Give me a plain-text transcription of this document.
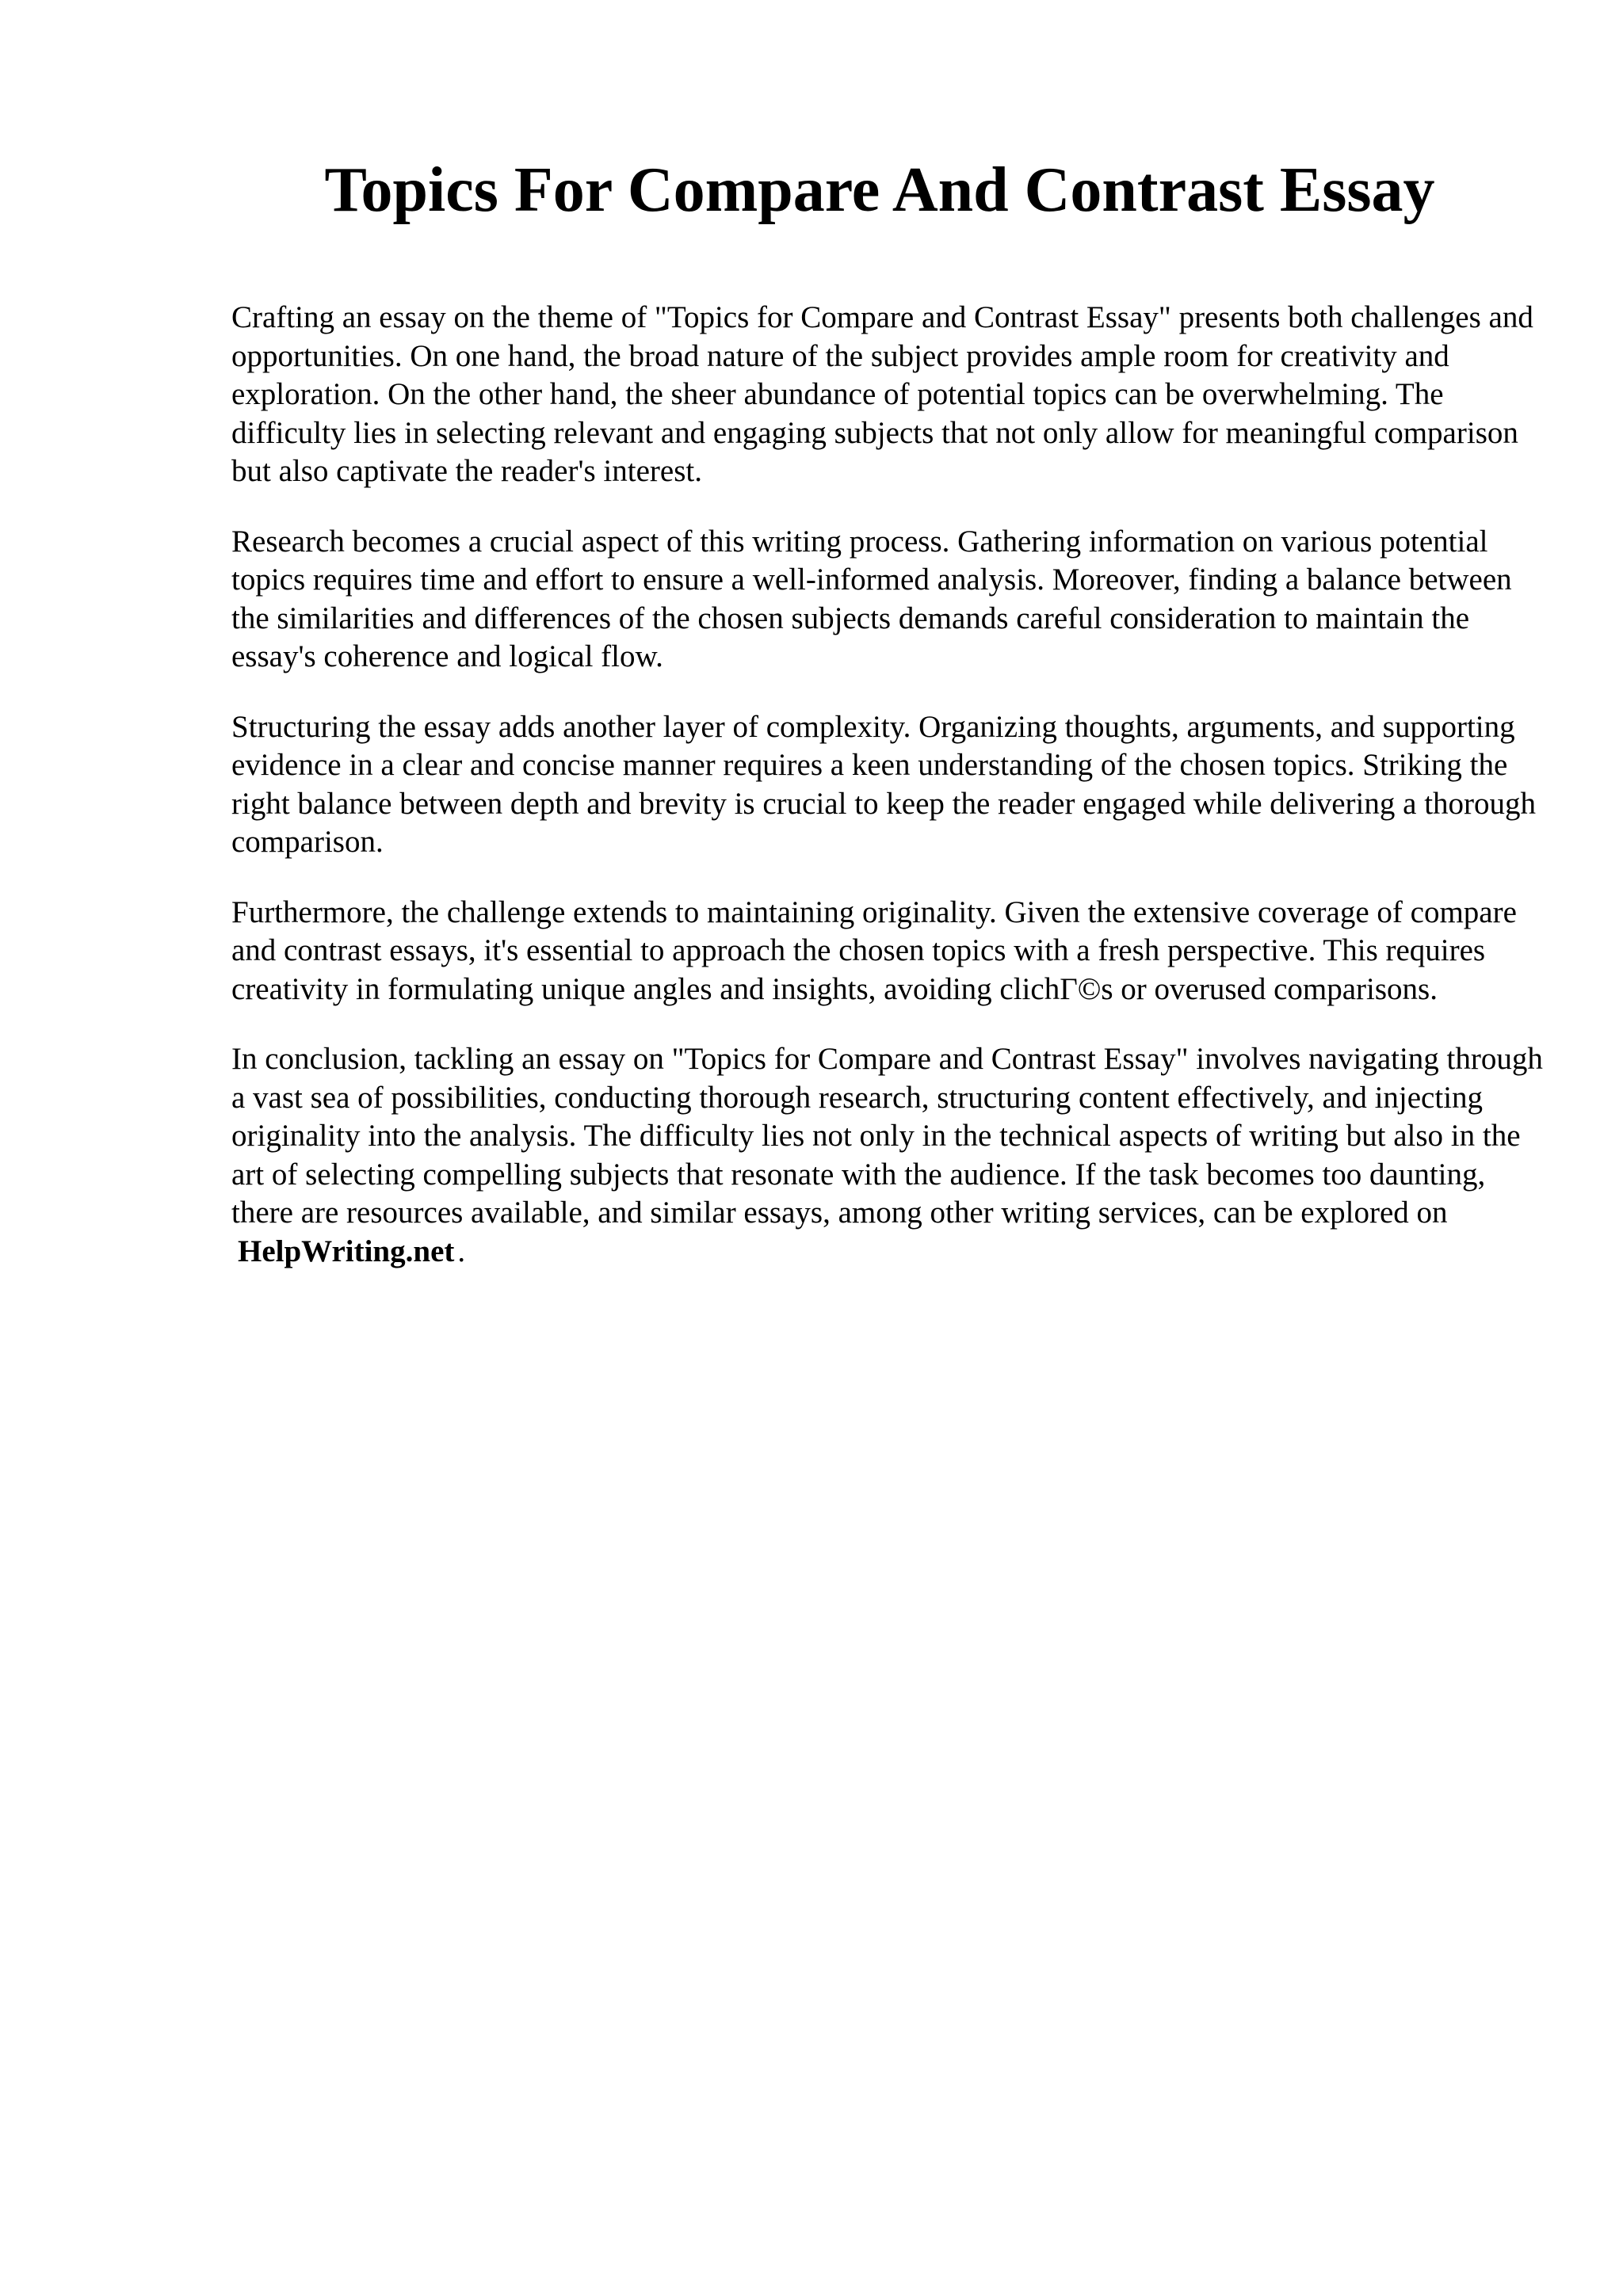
Topics For Compare And Contrast Essay

Crafting an essay on the theme of "Topics for Compare and Contrast Essay" presents both challenges and opportunities. On one hand, the broad nature of the subject provides ample room for creativity and exploration. On the other hand, the sheer abundance of potential topics can be overwhelming. The difficulty lies in selecting relevant and engaging subjects that not only allow for meaningful comparison but also captivate the reader's interest.

Research becomes a crucial aspect of this writing process. Gathering information on various potential topics requires time and effort to ensure a well-informed analysis. Moreover, finding a balance between the similarities and differences of the chosen subjects demands careful consideration to maintain the essay's coherence and logical flow.

Structuring the essay adds another layer of complexity. Organizing thoughts, arguments, and supporting evidence in a clear and concise manner requires a keen understanding of the chosen topics. Striking the right balance between depth and brevity is crucial to keep the reader engaged while delivering a thorough comparison.

Furthermore, the challenge extends to maintaining originality. Given the extensive coverage of compare and contrast essays, it's essential to approach the chosen topics with a fresh perspective. This requires creativity in formulating unique angles and insights, avoiding clichΓ©s or overused comparisons.

In conclusion, tackling an essay on "Topics for Compare and Contrast Essay" involves navigating through a vast sea of possibilities, conducting thorough research, structuring content effectively, and injecting originality into the analysis. The difficulty lies not only in the technical aspects of writing but also in the art of selecting compelling subjects that resonate with the audience. If the task becomes too daunting, there are resources available, and similar essays, among other writing services, can be explored on HelpWriting.net .
